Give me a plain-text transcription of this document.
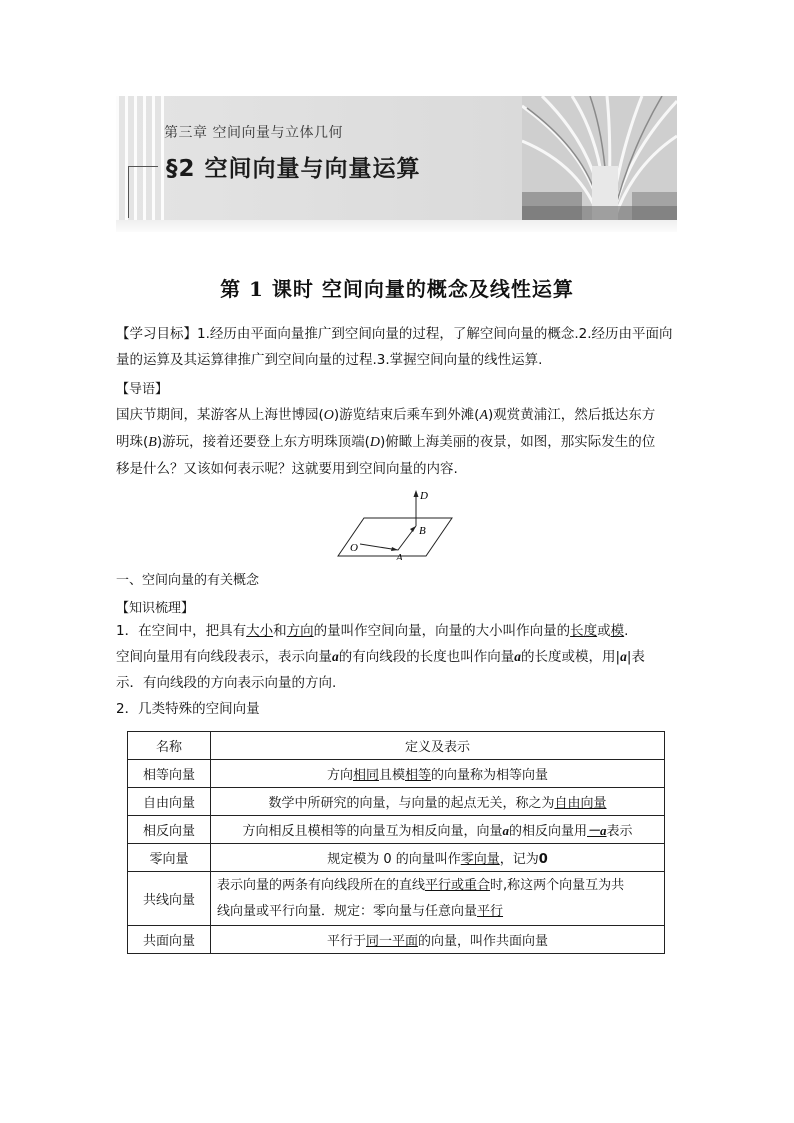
第三章 空间向量与立体几何
§2 空间向量与向量运算
第 1 课时 空间向量的概念及线性运算
【学习目标】1.经历由平面向量推广到空间向量的过程，了解空间向量的概念.2.经历由平面向
量的运算及其运算律推广到空间向量的过程.3.掌握空间向量的线性运算.
【导语】
国庆节期间，某游客从上海世博园(O)游览结束后乘车到外滩(A)观赏黄浦江，然后抵达东方
明珠(B)游玩，接着还要登上东方明珠顶端(D)俯瞰上海美丽的夜景，如图，那实际发生的位
移是什么？又该如何表示呢？这就要用到空间向量的内容.
O
A
B
D
一、空间向量的有关概念
【知识梳理】
1．在空间中，把具有大小和方向的量叫作空间向量，向量的大小叫作向量的长度或模.
空间向量用有向线段表示，表示向量a的有向线段的长度也叫作向量a的长度或模，用|a|表
示．有向线段的方向表示向量的方向.
2．几类特殊的空间向量
名称	定义及表示
相等向量	方向相同且模相等的向量称为相等向量
自由向量	数学中所研究的向量，与向量的起点无关，称之为自由向量
相反向量	方向相反且模相等的向量互为相反向量，向量a的相反向量用－a表示
零向量	规定模为 0 的向量叫作零向量，记为0
共线向量	表示向量的两条有向线段所在的直线平行或重合时,称这两个向量互为共
线向量或平行向量．规定：零向量与任意向量平行
共面向量	平行于同一平面的向量，叫作共面向量
